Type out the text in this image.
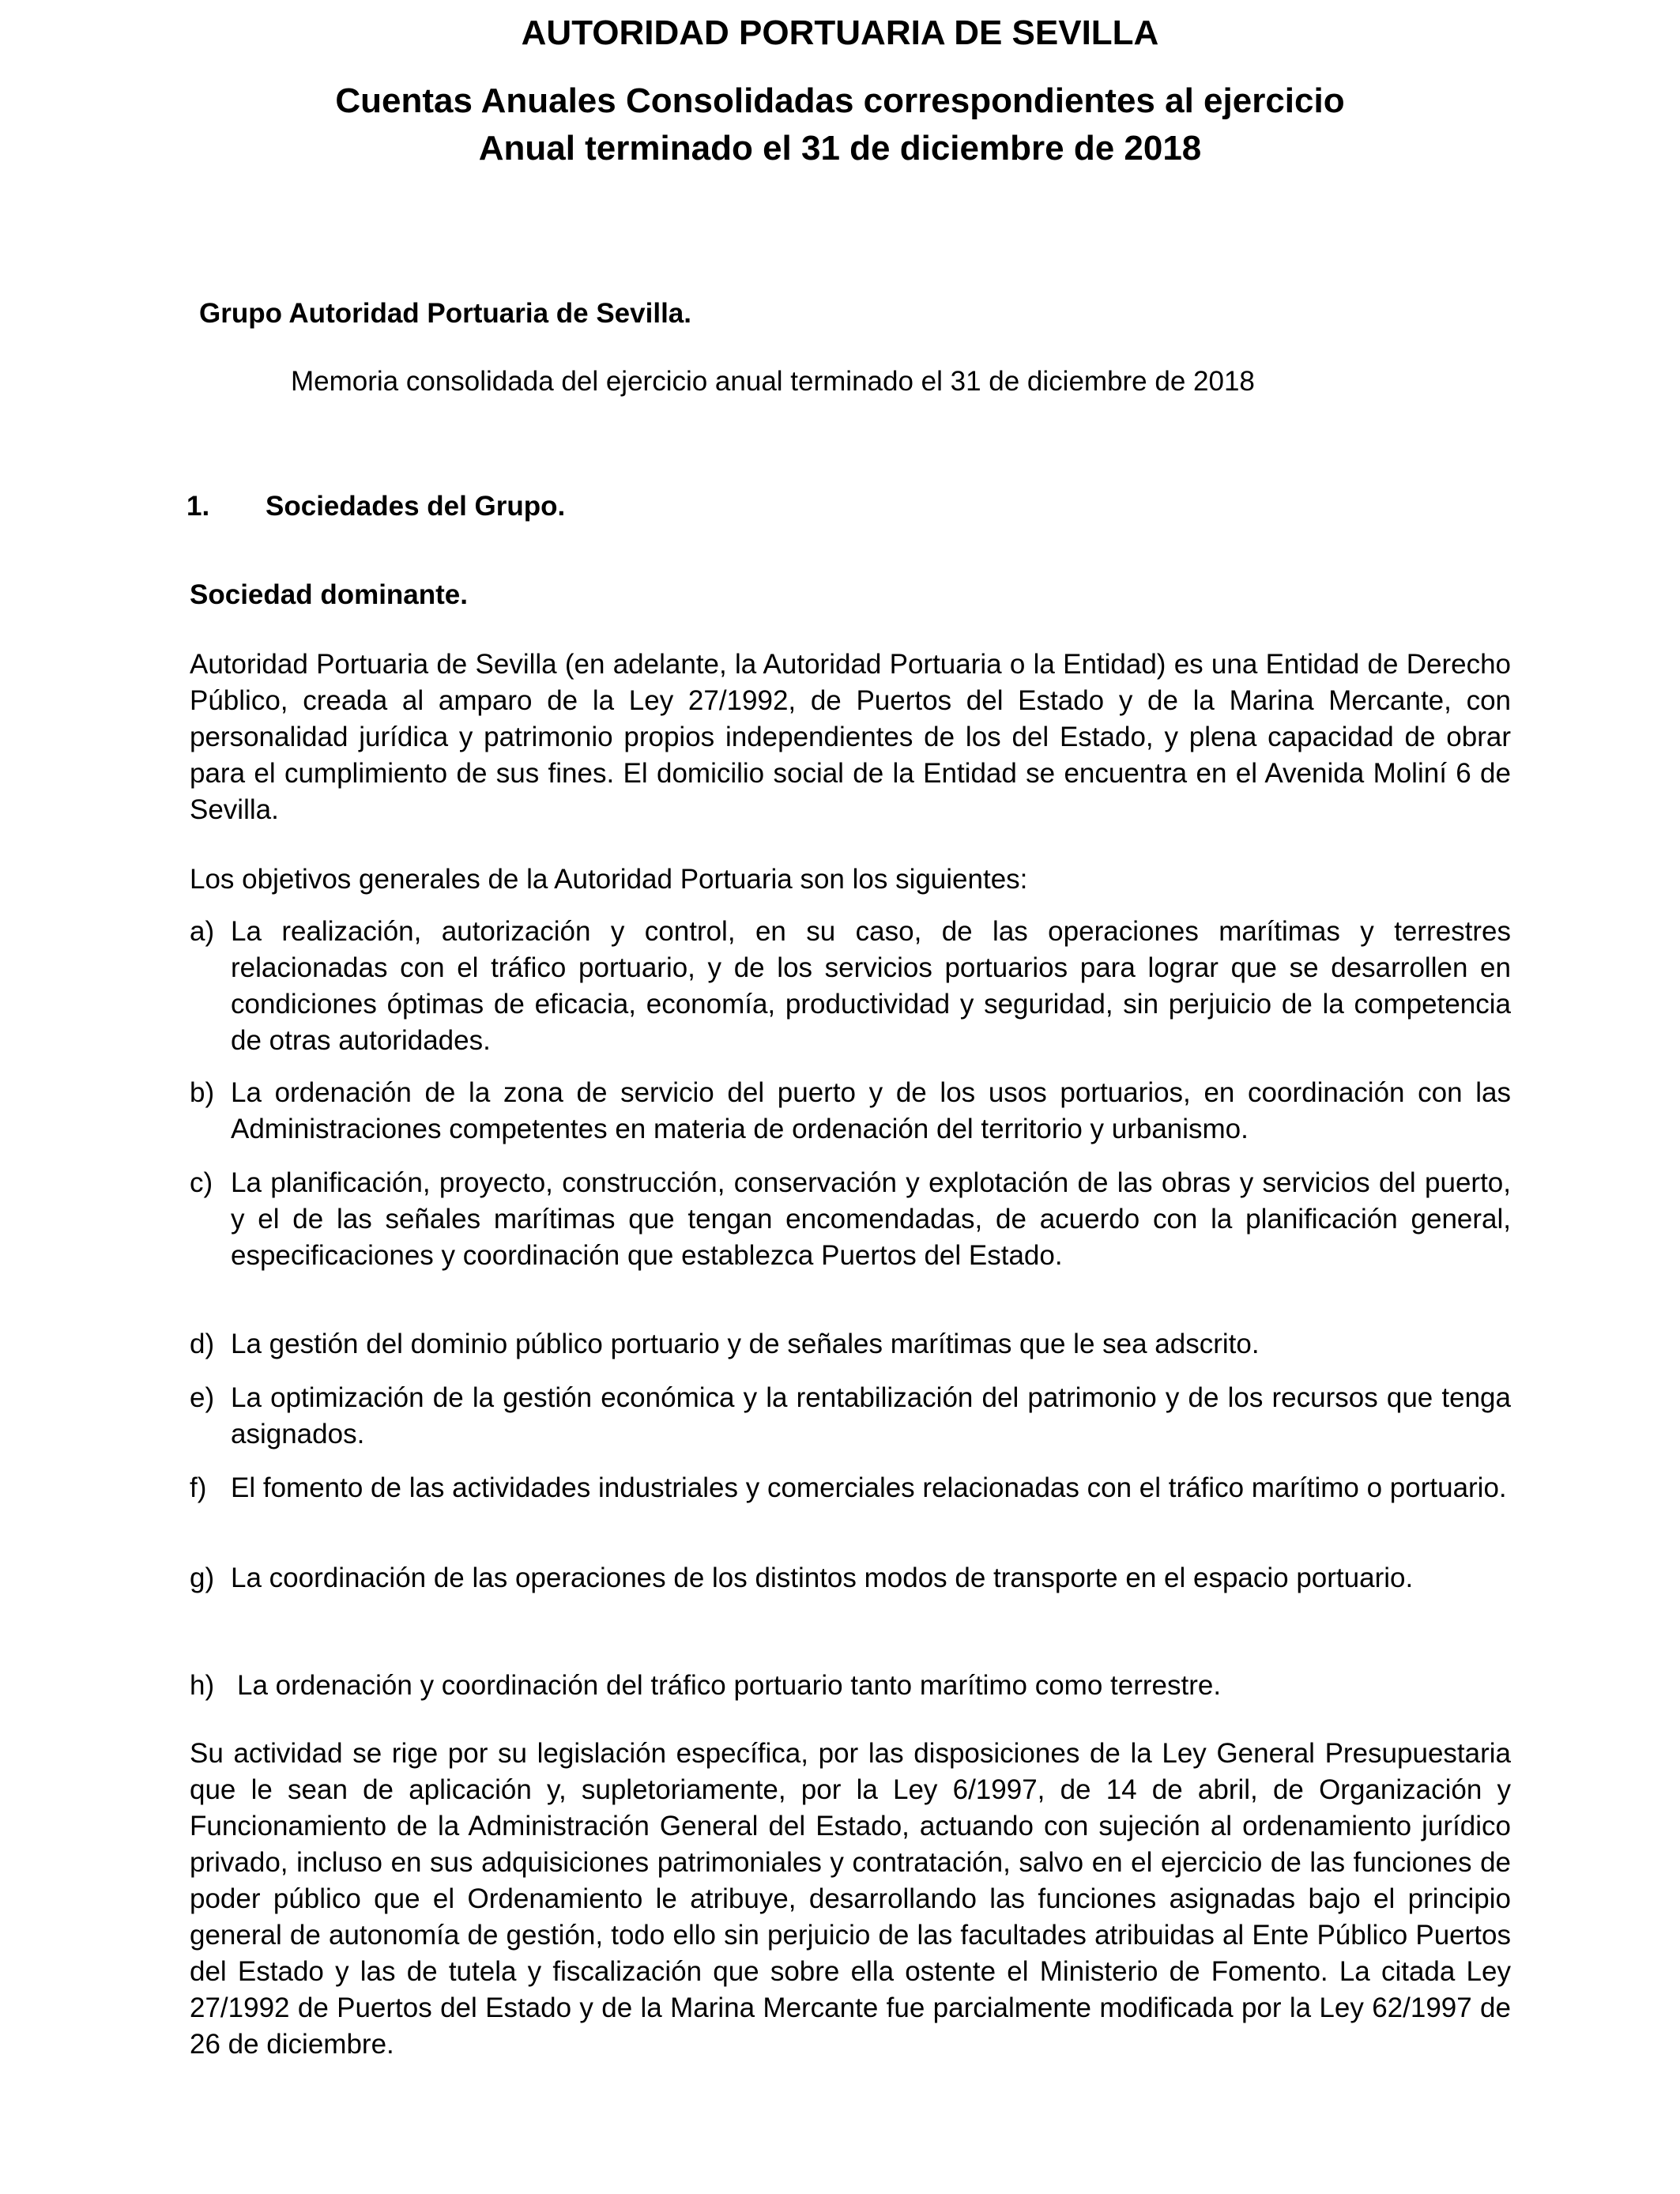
AUTORIDAD PORTUARIA DE SEVILLA
Cuentas Anuales Consolidadas correspondientes al ejercicio
Anual terminado el 31 de diciembre de 2018
Grupo Autoridad Portuaria de Sevilla.
Memoria consolidada del ejercicio anual terminado el 31 de diciembre de 2018
1. Sociedades del Grupo.
Sociedad dominante.

Autoridad Portuaria de Sevilla (en adelante, la Autoridad Portuaria o la Entidad) es una Entidad de Derecho Público, creada al amparo de la Ley 27/1992, de Puertos del Estado y de la Marina Mercante, con personalidad jurídica y patrimonio propios independientes de los del Estado, y plena capacidad de obrar para el cumplimiento de sus fines. El domicilio social de la Entidad se encuentra en el Avenida Moliní 6 de Sevilla.

Los objetivos generales de la Autoridad Portuaria son los siguientes:
a) La realización, autorización y control, en su caso, de las operaciones marítimas y terrestres relacionadas con el tráfico portuario, y de los servicios portuarios para lograr que se desarrollen en condiciones óptimas de eficacia, economía, productividad y seguridad, sin perjuicio de la competencia de otras autoridades.
b) La ordenación de la zona de servicio del puerto y de los usos portuarios, en coordinación con las Administraciones competentes en materia de ordenación del territorio y urbanismo.
c) La planificación, proyecto, construcción, conservación y explotación de las obras y servicios del puerto, y el de las señales marítimas que tengan encomendadas, de acuerdo con la planificación general, especificaciones y coordinación que establezca Puertos del Estado.
d) La gestión del dominio público portuario y de señales marítimas que le sea adscrito.
e) La optimización de la gestión económica y la rentabilización del patrimonio y de los recursos que tenga asignados.
f) El fomento de las actividades industriales y comerciales relacionadas con el tráfico marítimo o portuario.
g) La coordinación de las operaciones de los distintos modos de transporte en el espacio portuario.
h) La ordenación y coordinación del tráfico portuario tanto marítimo como terrestre.

Su actividad se rige por su legislación específica, por las disposiciones de la Ley General Presupuestaria que le sean de aplicación y, supletoriamente, por la Ley 6/1997, de 14 de abril, de Organización y Funcionamiento de la Administración General del Estado, actuando con sujeción al ordenamiento jurídico privado, incluso en sus adquisiciones patrimoniales y contratación, salvo en el ejercicio de las funciones de poder público que el Ordenamiento le atribuye, desarrollando las funciones asignadas bajo el principio general de autonomía de gestión, todo ello sin perjuicio de las facultades atribuidas al Ente Público Puertos del Estado y las de tutela y fiscalización que sobre ella ostente el Ministerio de Fomento. La citada Ley 27/1992 de Puertos del Estado y de la Marina Mercante fue parcialmente modificada por la Ley 62/1997 de 26 de diciembre.
